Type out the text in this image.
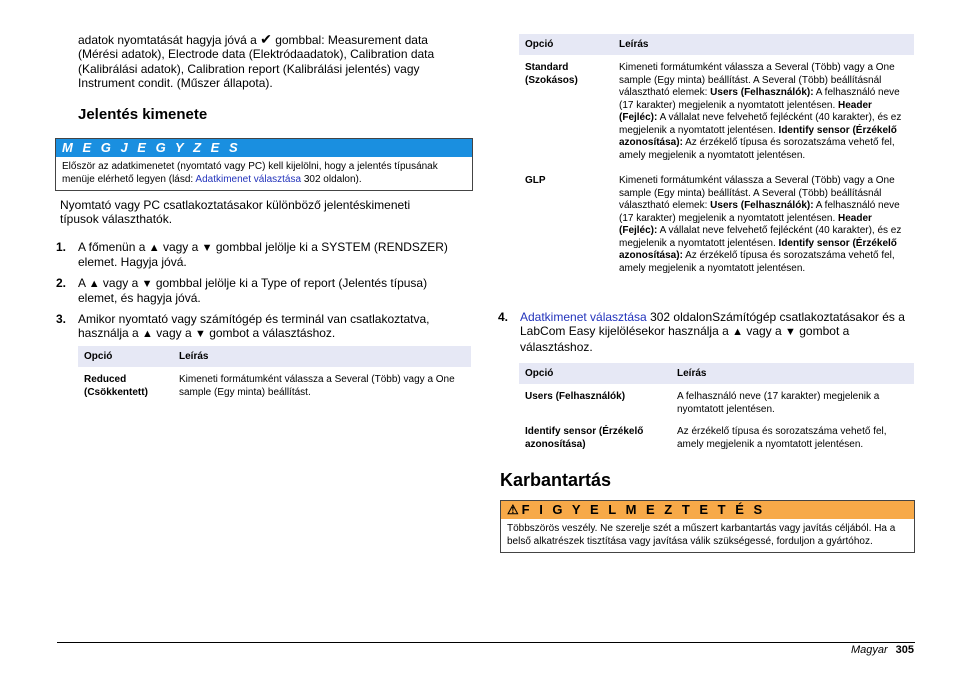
adatok nyomtatását hagyja jóvá a ✔ gombbal: Measurement data (Mérési adatok), Electrode data (Elektródaadatok), Calibration data (Kalibrálási adatok), Calibration report (Kalibrálási jelentés) vagy Instrument condit. (Műszer állapota).

Jelentés kimenete
M E G J E G Y Z E S
Először az adatkimenetet (nyomtató vagy PC) kell kijelölni, hogy a jelentés típusának menüje elérhető legyen (lásd: Adatkimenet választása 302 oldalon).

Nyomtató vagy PC csatlakoztatásakor különböző jelentéskimeneti típusok választhatók.

1. A főmenün a ▲ vagy a ▼ gombbal jelölje ki a SYSTEM (RENDSZER) elemet. Hagyja jóvá.
2. A ▲ vagy a ▼ gombbal jelölje ki a Type of report (Jelentés típusa) elemet, és hagyja jóvá.
3. Amikor nyomtató vagy számítógép és terminál van csatlakoztatva, használja a ▲ vagy a ▼ gombot a választáshoz.
Opció	Leírás
Reduced (Csökkentett)	Kimeneti formátumként válassza a Several (Több) vagy a One sample (Egy minta) beállítást.
Opció	Leírás
Standard (Szokásos)	Kimeneti formátumként válassza a Several (Több) vagy a One sample (Egy minta) beállítást. A Several (Több) beállításnál választható elemek: Users (Felhasználók): A felhasználó neve (17 karakter) megjelenik a nyomtatott jelentésen. Header (Fejléc): A vállalat neve felvehető fejlécként (40 karakter), és ez megjelenik a nyomtatott jelentésen. Identify sensor (Érzékelő azonosítása): Az érzékelő típusa és sorozatszáma vehető fel, amely megjelenik a nyomtatott jelentésen.
GLP	Kimeneti formátumként válassza a Several (Több) vagy a One sample (Egy minta) beállítást. A Several (Több) beállításnál választható elemek: Users (Felhasználók): A felhasználó neve (17 karakter) megjelenik a nyomtatott jelentésen. Header (Fejléc): A vállalat neve felvehető fejlécként (40 karakter), és ez megjelenik a nyomtatott jelentésen. Identify sensor (Érzékelő azonosítása): Az érzékelő típusa és sorozatszáma vehető fel, amely megjelenik a nyomtatott jelentésen.
4. Adatkimenet választása 302 oldalonSzámítógép csatlakoztatásakor és a LabCom Easy kijelölésekor használja a ▲ vagy a ▼ gombot a választáshoz.
Opció	Leírás
Users (Felhasználók)	A felhasználó neve (17 karakter) megjelenik a nyomtatott jelentésen.
Identify sensor (Érzékelő azonosítása)	Az érzékelő típusa és sorozatszáma vehető fel, amely megjelenik a nyomtatott jelentésen.
Karbantartás
⚠ F I G Y E L M E Z T E T É S
Többszörös veszély. Ne szerelje szét a műszert karbantartás vagy javítás céljából. Ha a belső alkatrészek tisztítása vagy javítása válik szükségessé, forduljon a gyártóhoz.
Magyar 305
